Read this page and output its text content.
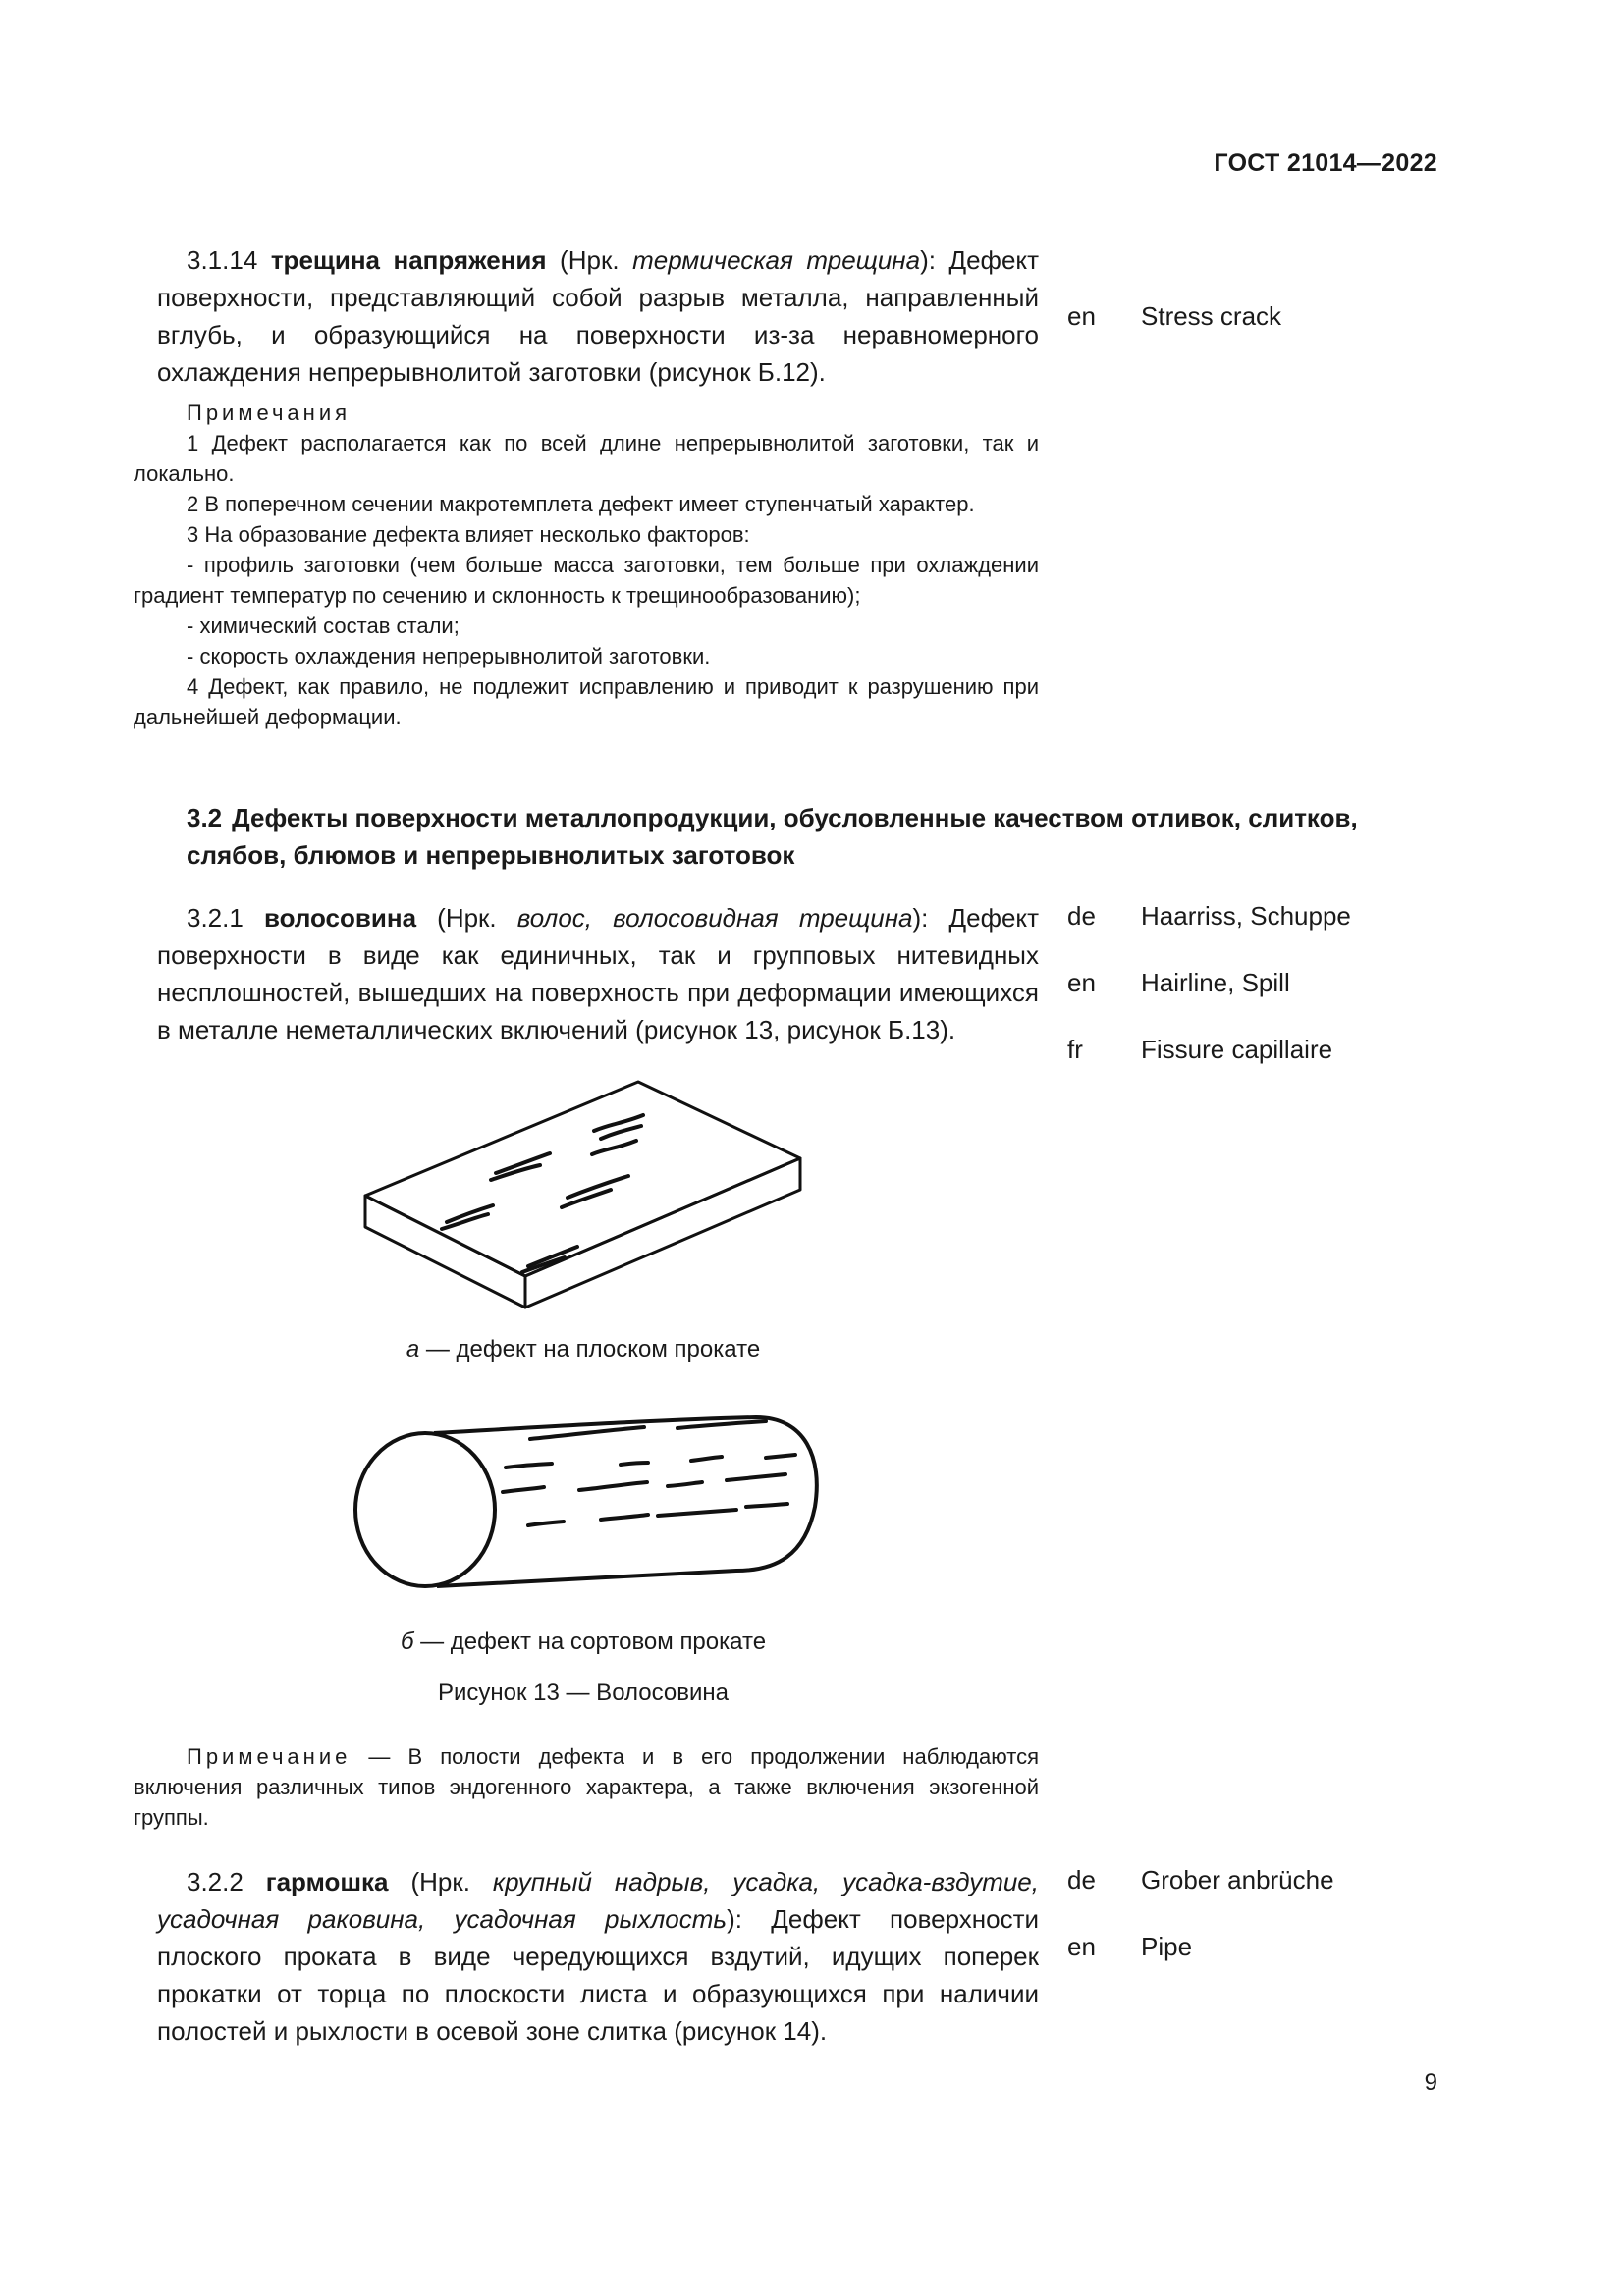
ГОСТ 21014—2022
3.1.14 трещина напряжения (Нрк. термическая трещина): Дефект поверхности, представляющий собой разрыв металла, направленный вглубь, и образующийся на поверхности из-за неравномерного охлаждения непрерывнолитой заготовки (рисунок Б.12).
en Stress crack
Примечания
1 Дефект располагается как по всей длине непрерывнолитой заготовки, так и локально.
2 В поперечном сечении макротемплета дефект имеет ступенчатый характер.
3 На образование дефекта влияет несколько факторов:
- профиль заготовки (чем больше масса заготовки, тем больше при охлаждении градиент температур по сечению и склонность к трещинообразованию);
- химический состав стали;
- скорость охлаждения непрерывнолитой заготовки.
4 Дефект, как правило, не подлежит исправлению и приводит к разрушению при дальнейшей деформации.
3.2 Дефекты поверхности металлопродукции, обусловленные качеством отливок, слитков, слябов, блюмов и непрерывнолитых заготовок
3.2.1 волосовина (Нрк. волос, волосовидная трещина): Дефект поверхности в виде как единичных, так и групповых нитевидных несплошностей, вышедших на поверхность при деформации имеющихся в металле неметаллических включений (рисунок 13, рисунок Б.13).
de Haarriss, Schuppe
en Hairline, Spill
fr Fissure capillaire
а — дефект на плоском прокате
б — дефект на сортовом прокате
Рисунок 13 — Волосовина
Примечание — В полости дефекта и в его продолжении наблюдаются включения различных типов эндогенного характера, а также включения экзогенной группы.
3.2.2 гармошка (Нрк. крупный надрыв, усадка, усадка-вздутие, усадочная раковина, усадочная рыхлость): Дефект поверхности плоского проката в виде чередующихся вздутий, идущих поперек прокатки от торца по плоскости листа и образующихся при наличии полостей и рыхлости в осевой зоне слитка (рисунок 14).
de Grober anbrüche
en Pipe
9
